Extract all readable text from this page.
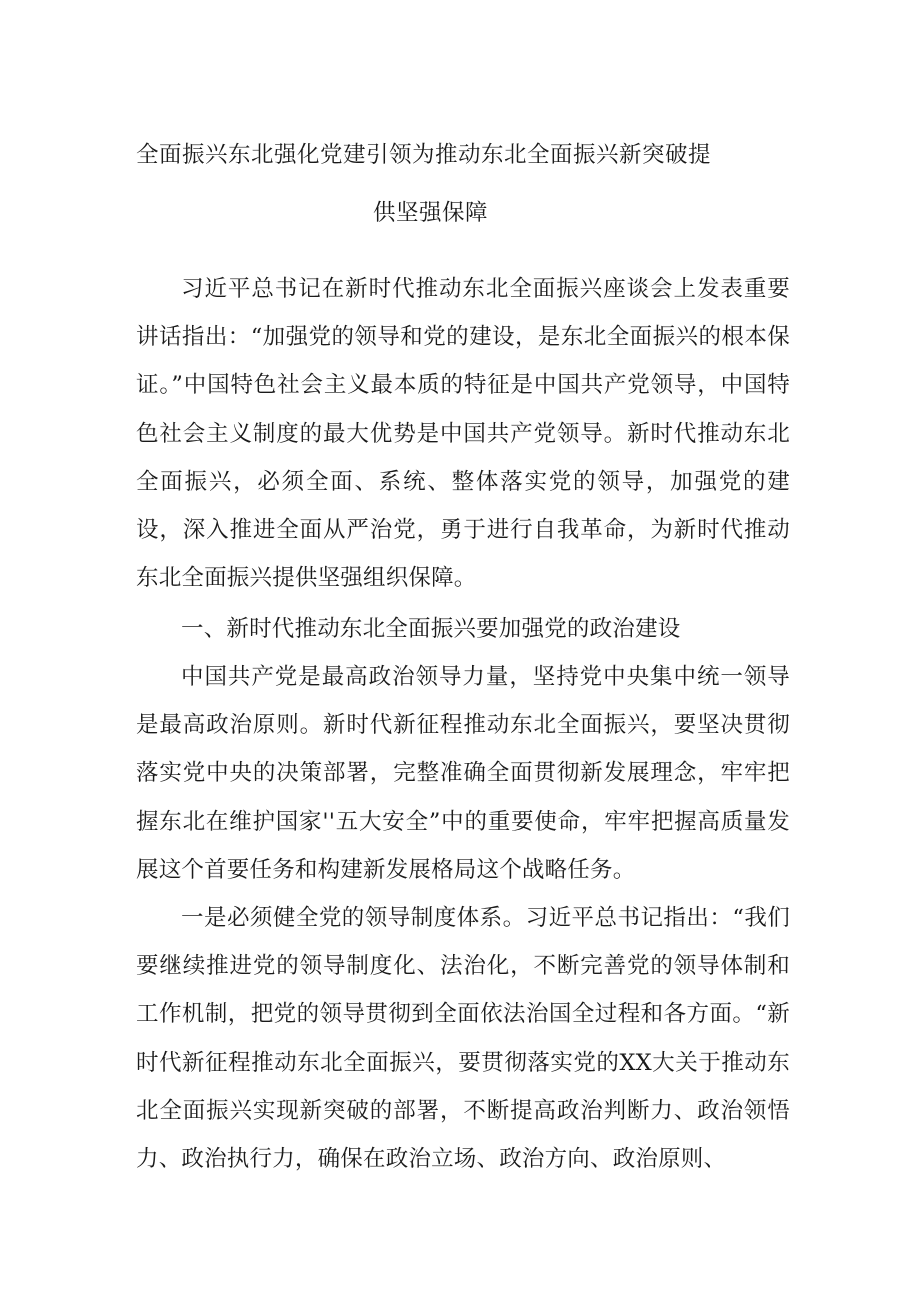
全面振兴东北强化党建引领为推动东北全面振兴新突破提
供坚强保障

习近平总书记在新时代推动东北全面振兴座谈会上发表重要讲话指出：“加强党的领导和党的建设，是东北全面振兴的根本保证。”中国特色社会主义最本质的特征是中国共产党领导，中国特色社会主义制度的最大优势是中国共产党领导。新时代推动东北全面振兴，必须全面、系统、整体落实党的领导，加强党的建设，深入推进全面从严治党，勇于进行自我革命，为新时代推动东北全面振兴提供坚强组织保障。

一、新时代推动东北全面振兴要加强党的政治建设

中国共产党是最高政治领导力量，坚持党中央集中统一领导是最高政治原则。新时代新征程推动东北全面振兴，要坚决贯彻落实党中央的决策部署，完整准确全面贯彻新发展理念，牢牢把握东北在维护国家''五大安全”中的重要使命，牢牢把握高质量发展这个首要任务和构建新发展格局这个战略任务。

一是必须健全党的领导制度体系。习近平总书记指出：“我们要继续推进党的领导制度化、法治化，不断完善党的领导体制和工作机制，把党的领导贯彻到全面依法治国全过程和各方面。“新时代新征程推动东北全面振兴，要贯彻落实党的XX大关于推动东北全面振兴实现新突破的部署，不断提高政治判断力、政治领悟力、政治执行力，确保在政治立场、政治方向、政治原则、
